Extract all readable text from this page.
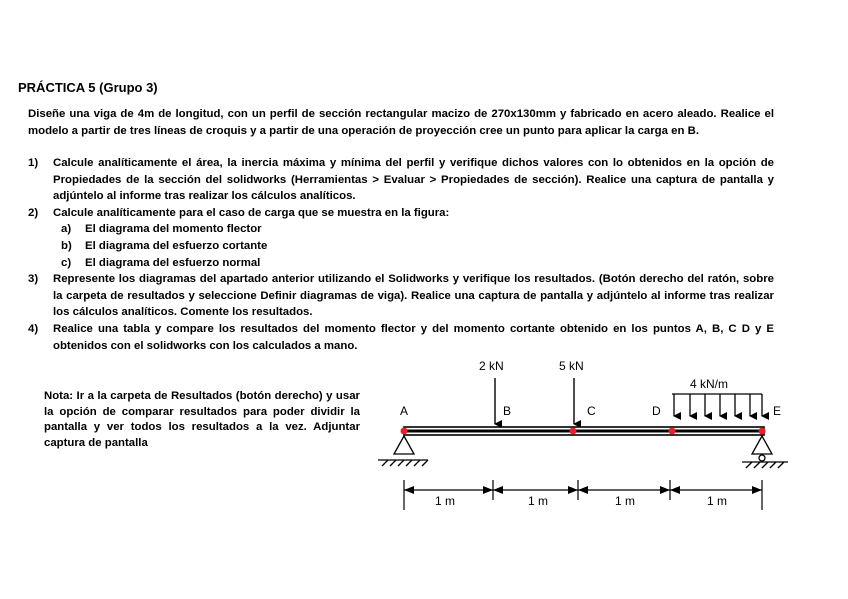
PRÁCTICA 5 (Grupo 3)
Diseñe una viga de 4m de longitud, con un perfil de sección rectangular macizo de 270x130mm y fabricado en acero aleado. Realice el modelo a partir de tres líneas de croquis y a partir de una operación de proyección cree un punto para aplicar la carga en B.
1)	Calcule analíticamente el área, la inercia máxima y mínima del perfil y verifique dichos valores con lo obtenidos en la opción de Propiedades de la sección del solidworks (Herramientas > Evaluar > Propiedades de sección). Realice una captura de pantalla y adjúntelo al informe tras realizar los cálculos analíticos.
2)	Calcule analíticamente para el caso de carga que se muestra en la figura:
a)	El diagrama del momento flector
b)	El diagrama del esfuerzo cortante
c)	El diagrama del esfuerzo normal
3)	Represente los diagramas del apartado anterior utilizando el Solidworks y verifique los resultados. (Botón derecho del ratón, sobre la carpeta de resultados y seleccione Definir diagramas de viga). Realice una captura de pantalla y adjúntelo al informe tras realizar los cálculos analíticos. Comente los resultados.
4)	Realice una tabla y compare los resultados del momento flector y del momento cortante obtenido en los puntos A, B, C D y E obtenidos con el solidworks con los calculados a mano.
Nota: Ir a la carpeta de Resultados (botón derecho) y usar la opción de comparar resultados para poder dividir la pantalla y ver todos los resultados a la vez. Adjuntar captura de pantalla
2 kN	5 kN
4 kN/m
A	B	C	D	E
1 m	1 m	1 m	1 m
